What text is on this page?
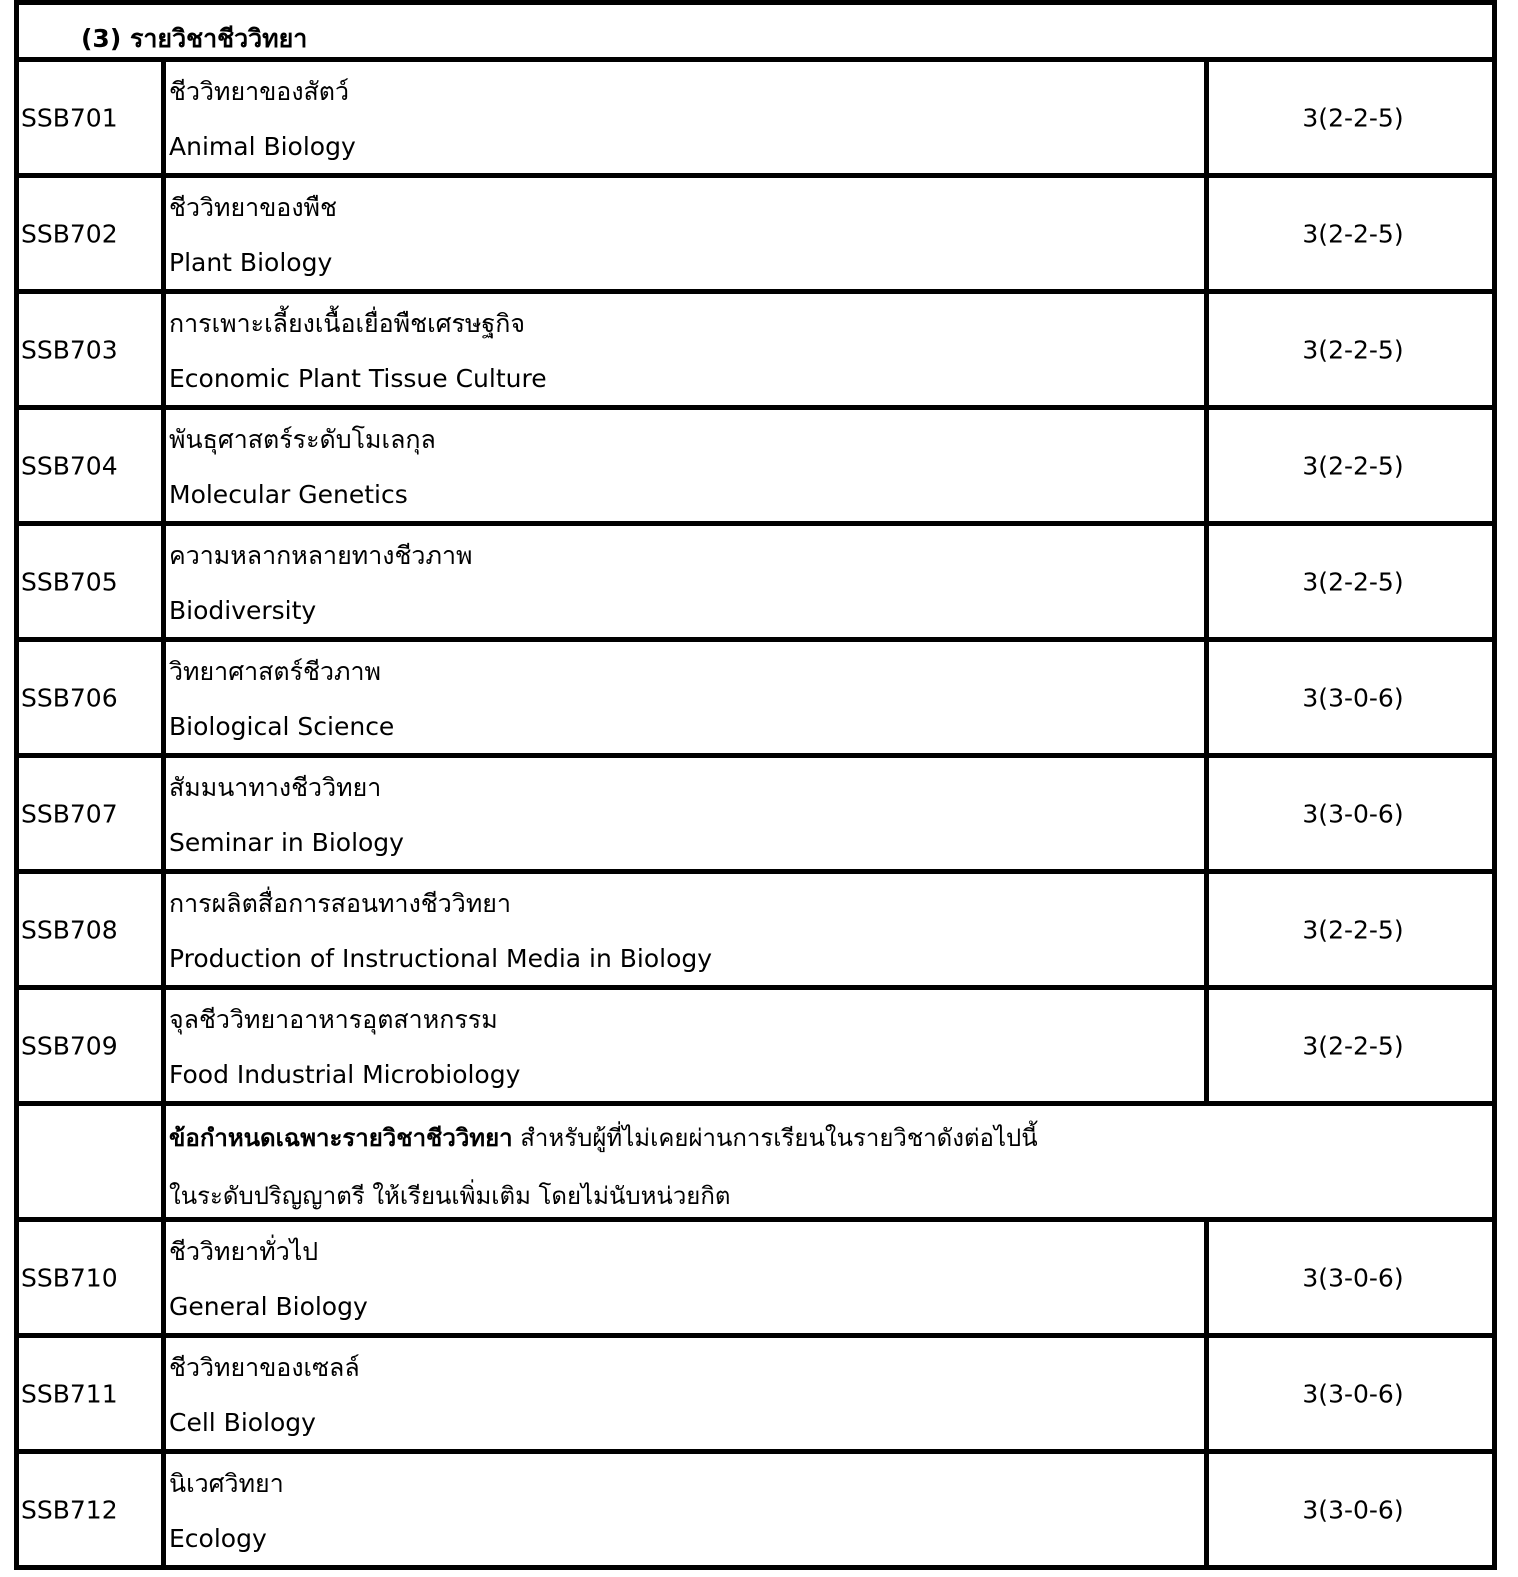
(3) รายวิชาชีววิทยา
SSB701
ชีววิทยาของสัตว์
Animal Biology
3(2-2-5)
SSB702
ชีววิทยาของพืช
Plant Biology
3(2-2-5)
SSB703
การเพาะเลี้ยงเนื้อเยื่อพืชเศรษฐกิจ
Economic Plant Tissue Culture
3(2-2-5)
SSB704
พันธุศาสตร์ระดับโมเลกุล
Molecular Genetics
3(2-2-5)
SSB705
ความหลากหลายทางชีวภาพ
Biodiversity
3(2-2-5)
SSB706
วิทยาศาสตร์ชีวภาพ
Biological Science
3(3-0-6)
SSB707
สัมมนาทางชีววิทยา
Seminar in Biology
3(3-0-6)
SSB708
การผลิตสื่อการสอนทางชีววิทยา
Production of Instructional Media in Biology
3(2-2-5)
SSB709
จุลชีววิทยาอาหารอุตสาหกรรม
Food Industrial Microbiology
3(2-2-5)
ข้อกำหนดเฉพาะรายวิชาชีววิทยา สำหรับผู้ที่ไม่เคยผ่านการเรียนในรายวิชาดังต่อไปนี้
ในระดับปริญญาตรี ให้เรียนเพิ่มเติม โดยไม่นับหน่วยกิต
SSB710
ชีววิทยาทั่วไป
General Biology
3(3-0-6)
SSB711
ชีววิทยาของเซลล์
Cell Biology
3(3-0-6)
SSB712
นิเวศวิทยา
Ecology
3(3-0-6)
